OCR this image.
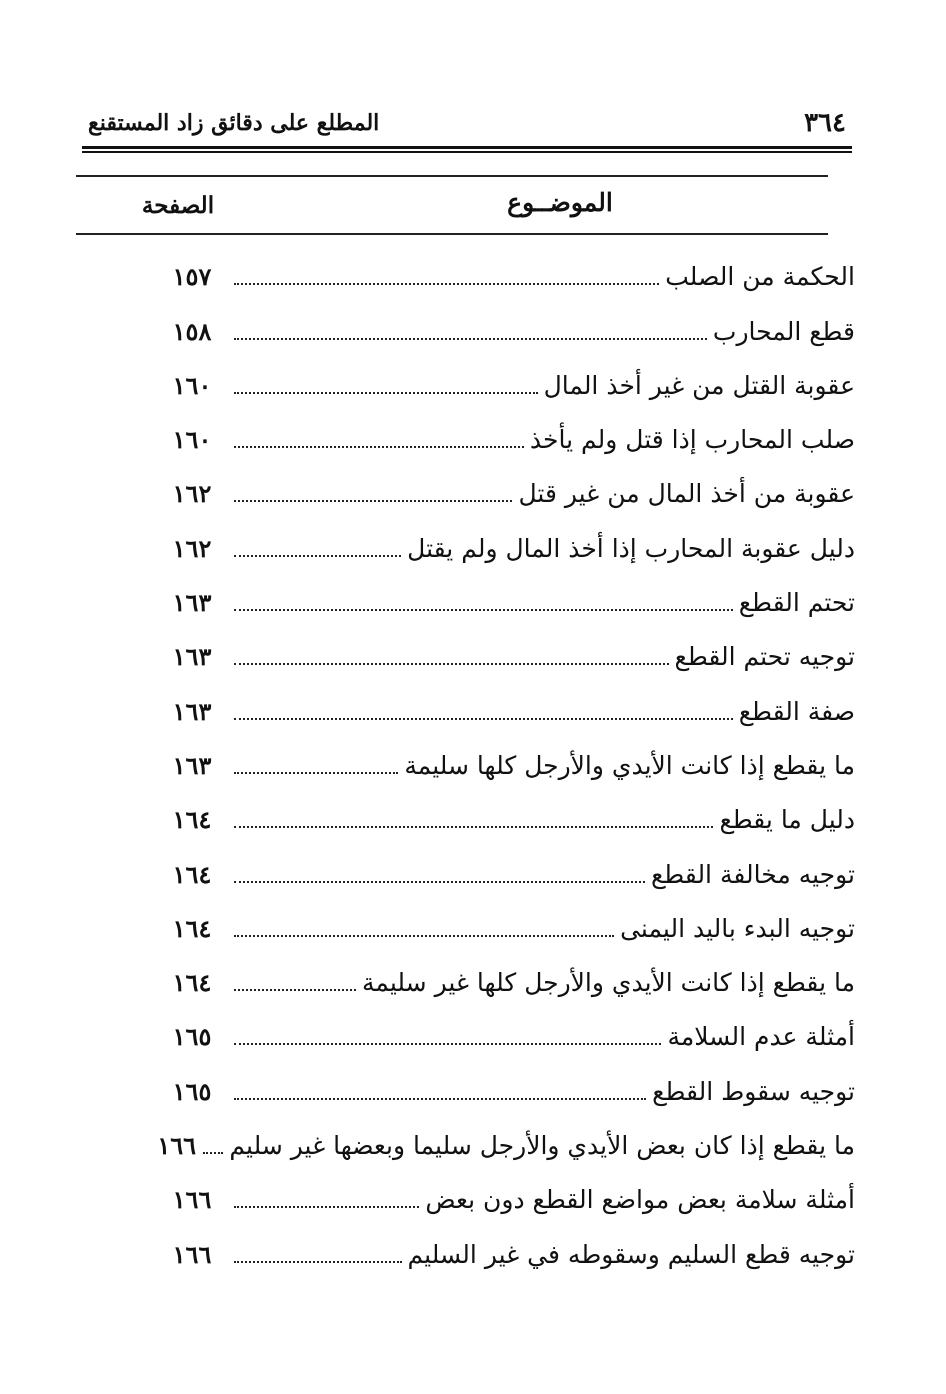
٣٦٤
المطلع على دقائق زاد المستقنع
الموضــوع
الصفحة
الحكمة من الصلب
١٥٧
قطع المحارب
١٥٨
عقوبة القتل من غير أخذ المال
١٦٠
صلب المحارب إذا قتل ولم يأخذ
١٦٠
عقوبة من أخذ المال من غير قتل
١٦٢
دليل عقوبة المحارب إذا أخذ المال ولم يقتل
١٦٢
تحتم القطع
١٦٣
توجيه تحتم القطع
١٦٣
صفة القطع
١٦٣
ما يقطع إذا كانت الأيدي والأرجل كلها سليمة
١٦٣
دليل ما يقطع
١٦٤
توجيه مخالفة القطع
١٦٤
توجيه البدء باليد اليمنى
١٦٤
ما يقطع إذا كانت الأيدي والأرجل كلها غير سليمة
١٦٤
أمثلة عدم السلامة
١٦٥
توجيه سقوط القطع
١٦٥
ما يقطع إذا كان بعض الأيدي والأرجل سليما وبعضها غير سليم
١٦٦
أمثلة سلامة بعض مواضع القطع دون بعض
١٦٦
توجيه قطع السليم وسقوطه في غير السليم
١٦٦
